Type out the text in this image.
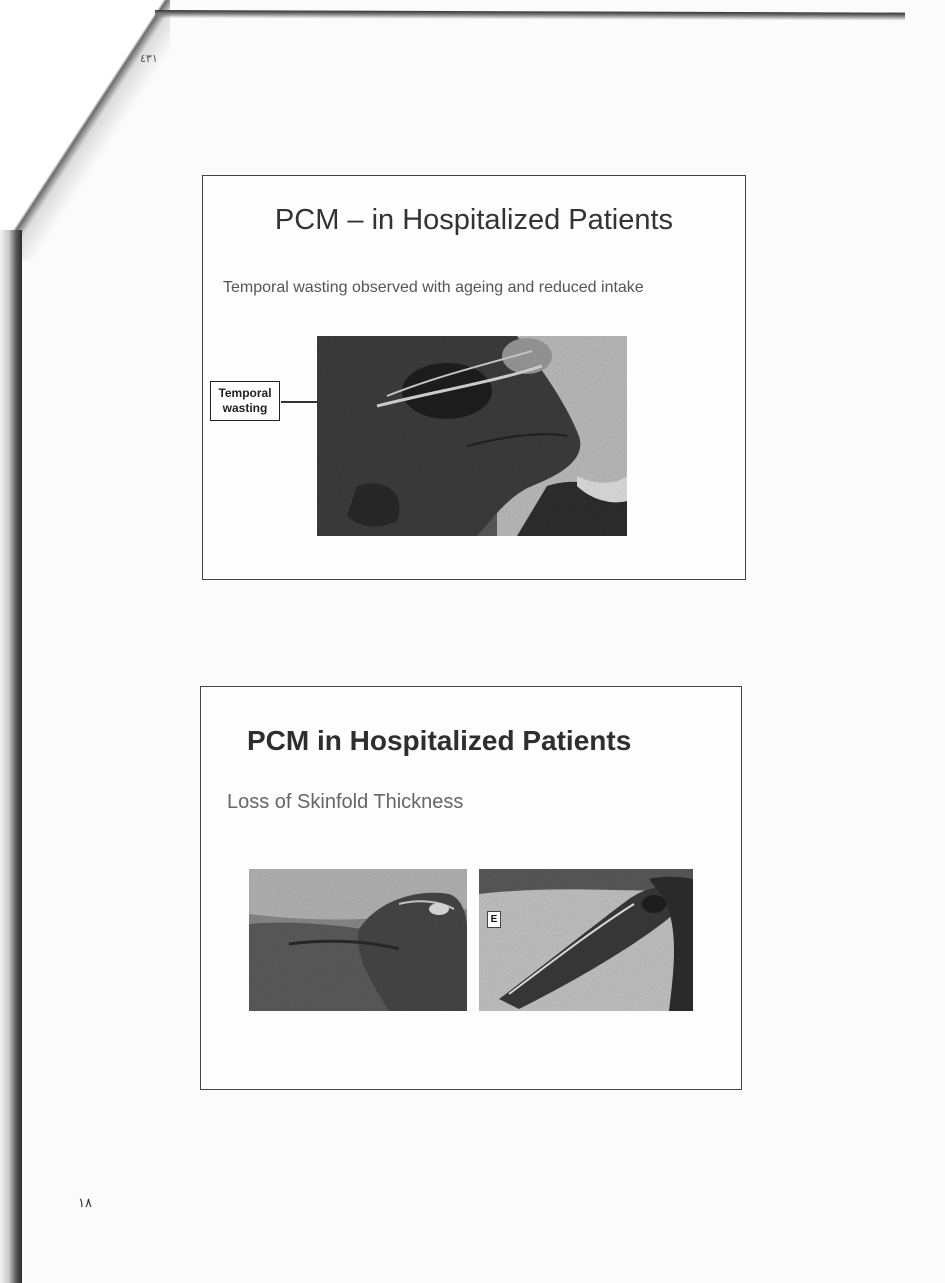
٤٣١
PCM – in Hospitalized Patients
Temporal wasting observed with ageing and reduced intake
Temporal
wasting
PCM in Hospitalized Patients
Loss of Skinfold Thickness
E
١٨
